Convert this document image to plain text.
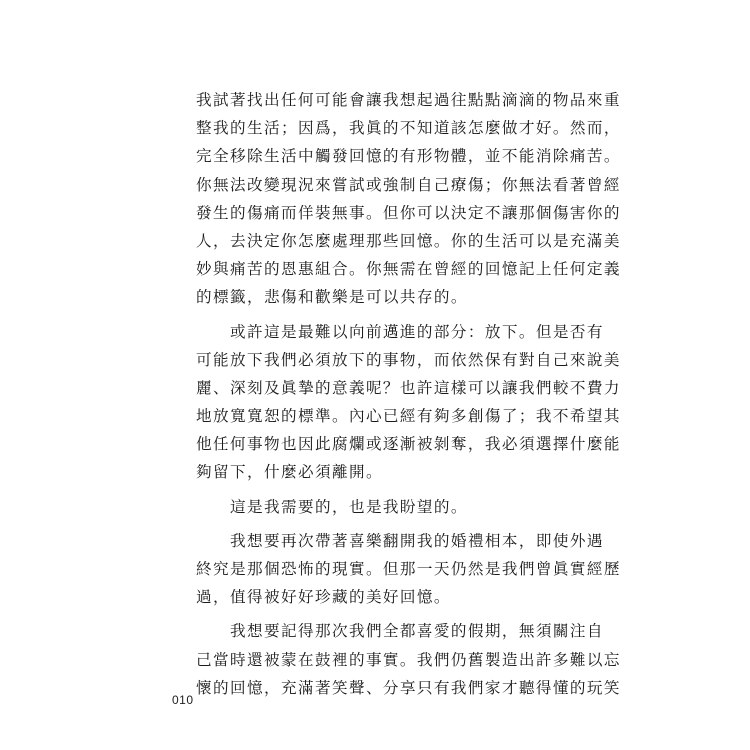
我試著找出任何可能會讓我想起過往點點滴滴的物品來重
整我的生活；因爲，我眞的不知道該怎麼做才好。然而，
完全移除生活中觸發回憶的有形物體，並不能消除痛苦。
你無法改變現況來嘗試或強制自己療傷；你無法看著曾經
發生的傷痛而佯裝無事。但你可以決定不讓那個傷害你的
人，去決定你怎麼處理那些回憶。你的生活可以是充滿美
妙與痛苦的恩惠組合。你無需在曾經的回憶記上任何定義
的標籤，悲傷和歡樂是可以共存的。

　　或許這是最難以向前邁進的部分：放下。但是否有
可能放下我們必須放下的事物，而依然保有對自己來說美
麗、深刻及眞摯的意義呢？也許這樣可以讓我們較不費力
地放寬寬恕的標準。內心已經有夠多創傷了；我不希望其
他任何事物也因此腐爛或逐漸被剝奪，我必須選擇什麼能
夠留下，什麼必須離開。

　　這是我需要的，也是我盼望的。

　　我想要再次帶著喜樂翻開我的婚禮相本，即使外遇
終究是那個恐怖的現實。但那一天仍然是我們曾眞實經歷
過，值得被好好珍藏的美好回憶。

　　我想要記得那次我們全都喜愛的假期，無須關注自
己當時還被蒙在鼓裡的事實。我們仍舊製造出許多難以忘
懷的回憶，充滿著笑聲、分享只有我們家才聽得懂的玩笑

010
